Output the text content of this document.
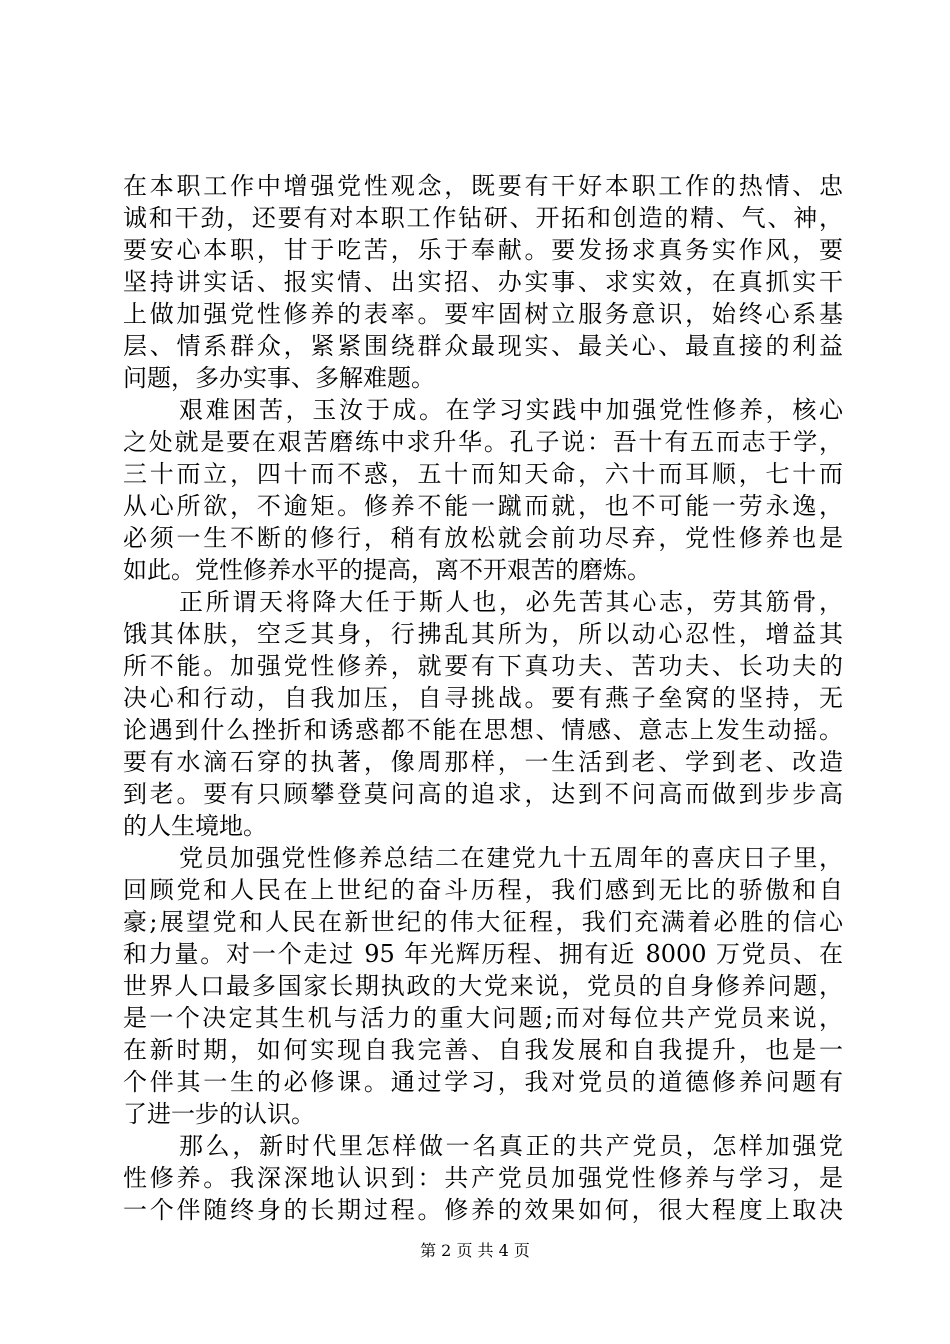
在本职工作中增强党性观念，既要有干好本职工作的热情、忠
诚和干劲，还要有对本职工作钻研、开拓和创造的精、气、神，
要安心本职，甘于吃苦，乐于奉献。要发扬求真务实作风，要
坚持讲实话、报实情、出实招、办实事、求实效，在真抓实干
上做加强党性修养的表率。要牢固树立服务意识，始终心系基
层、情系群众，紧紧围绕群众最现实、最关心、最直接的利益
问题，多办实事、多解难题。
艰难困苦，玉汝于成。在学习实践中加强党性修养，核心
之处就是要在艰苦磨练中求升华。孔子说：吾十有五而志于学，
三十而立，四十而不惑，五十而知天命，六十而耳顺，七十而
从心所欲，不逾矩。修养不能一蹴而就，也不可能一劳永逸，
必须一生不断的修行，稍有放松就会前功尽弃，党性修养也是
如此。党性修养水平的提高，离不开艰苦的磨炼。
正所谓天将降大任于斯人也，必先苦其心志，劳其筋骨，
饿其体肤，空乏其身，行拂乱其所为，所以动心忍性，增益其
所不能。加强党性修养，就要有下真功夫、苦功夫、长功夫的
决心和行动，自我加压，自寻挑战。要有燕子垒窝的坚持，无
论遇到什么挫折和诱惑都不能在思想、情感、意志上发生动摇。
要有水滴石穿的执著，像周那样，一生活到老、学到老、改造
到老。要有只顾攀登莫问高的追求，达到不问高而做到步步高
的人生境地。
党员加强党性修养总结二在建党九十五周年的喜庆日子里，
回顾党和人民在上世纪的奋斗历程，我们感到无比的骄傲和自
豪;展望党和人民在新世纪的伟大征程，我们充满着必胜的信心
和力量。对一个走过 95 年光辉历程、拥有近 8000 万党员、在
世界人口最多国家长期执政的大党来说，党员的自身修养问题，
是一个决定其生机与活力的重大问题;而对每位共产党员来说，
在新时期，如何实现自我完善、自我发展和自我提升，也是一
个伴其一生的必修课。通过学习，我对党员的道德修养问题有
了进一步的认识。
那么，新时代里怎样做一名真正的共产党员，怎样加强党
性修养。我深深地认识到：共产党员加强党性修养与学习，是
一个伴随终身的长期过程。修养的效果如何，很大程度上取决
第 2 页 共 4 页
